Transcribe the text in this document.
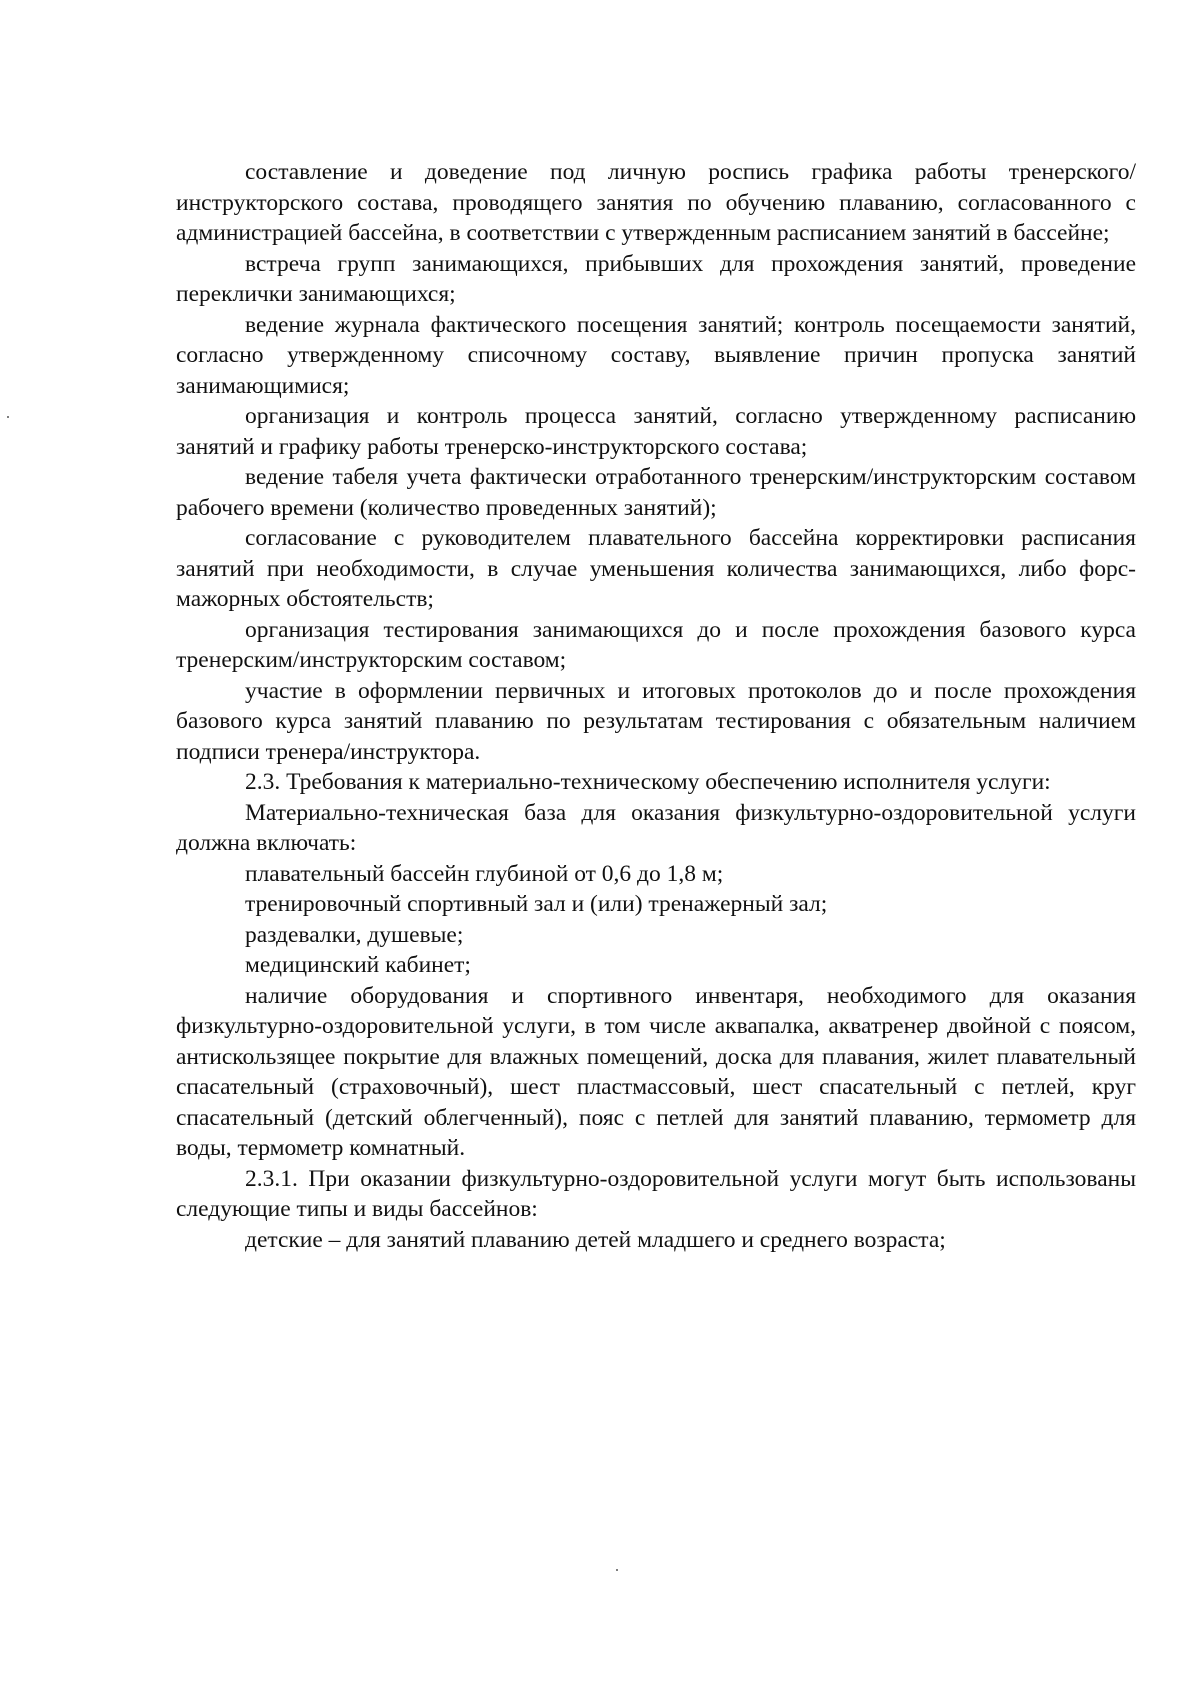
составление и доведение под личную роспись графика работы тренерского/инструкторского состава, проводящего занятия по обучению плаванию, согласованного с администрацией бассейна, в соответствии с утвержденным расписанием занятий в бассейне;

встреча групп занимающихся, прибывших для прохождения занятий, проведение переклички занимающихся;

ведение журнала фактического посещения занятий; контроль посещаемости занятий, согласно утвержденному списочному составу, выявление причин пропуска занятий занимающимися;

организация и контроль процесса занятий, согласно утвержденному расписанию занятий и графику работы тренерско-инструкторского состава;

ведение табеля учета фактически отработанного тренерским/инструкторским составом рабочего времени (количество проведенных занятий);

согласование с руководителем плавательного бассейна корректировки расписания занятий при необходимости, в случае уменьшения количества занимающихся, либо форс-мажорных обстоятельств;

организация тестирования занимающихся до и после прохождения базового курса тренерским/инструкторским составом;

участие в оформлении первичных и итоговых протоколов до и после прохождения базового курса занятий плаванию по результатам тестирования с обязательным наличием подписи тренера/инструктора.

2.3. Требования к материально-техническому обеспечению исполнителя услуги:

Материально-техническая база для оказания физкультурно-оздоровительной услуги должна включать:

плавательный бассейн глубиной от 0,6 до 1,8 м;

тренировочный спортивный зал и (или) тренажерный зал;

раздевалки, душевые;

медицинский кабинет;

наличие оборудования и спортивного инвентаря, необходимого для оказания физкультурно-оздоровительной услуги, в том числе аквапалка, акватренер двойной с поясом, антискользящее покрытие для влажных помещений, доска для плавания, жилет плавательный спасательный (страховочный), шест пластмассовый, шест спасательный с петлей, круг спасательный (детский облегченный), пояс с петлей для занятий плаванию, термометр для воды, термометр комнатный.

2.3.1. При оказании физкультурно-оздоровительной услуги могут быть использованы следующие типы и виды бассейнов:

детские – для занятий плаванию детей младшего и среднего возраста;
